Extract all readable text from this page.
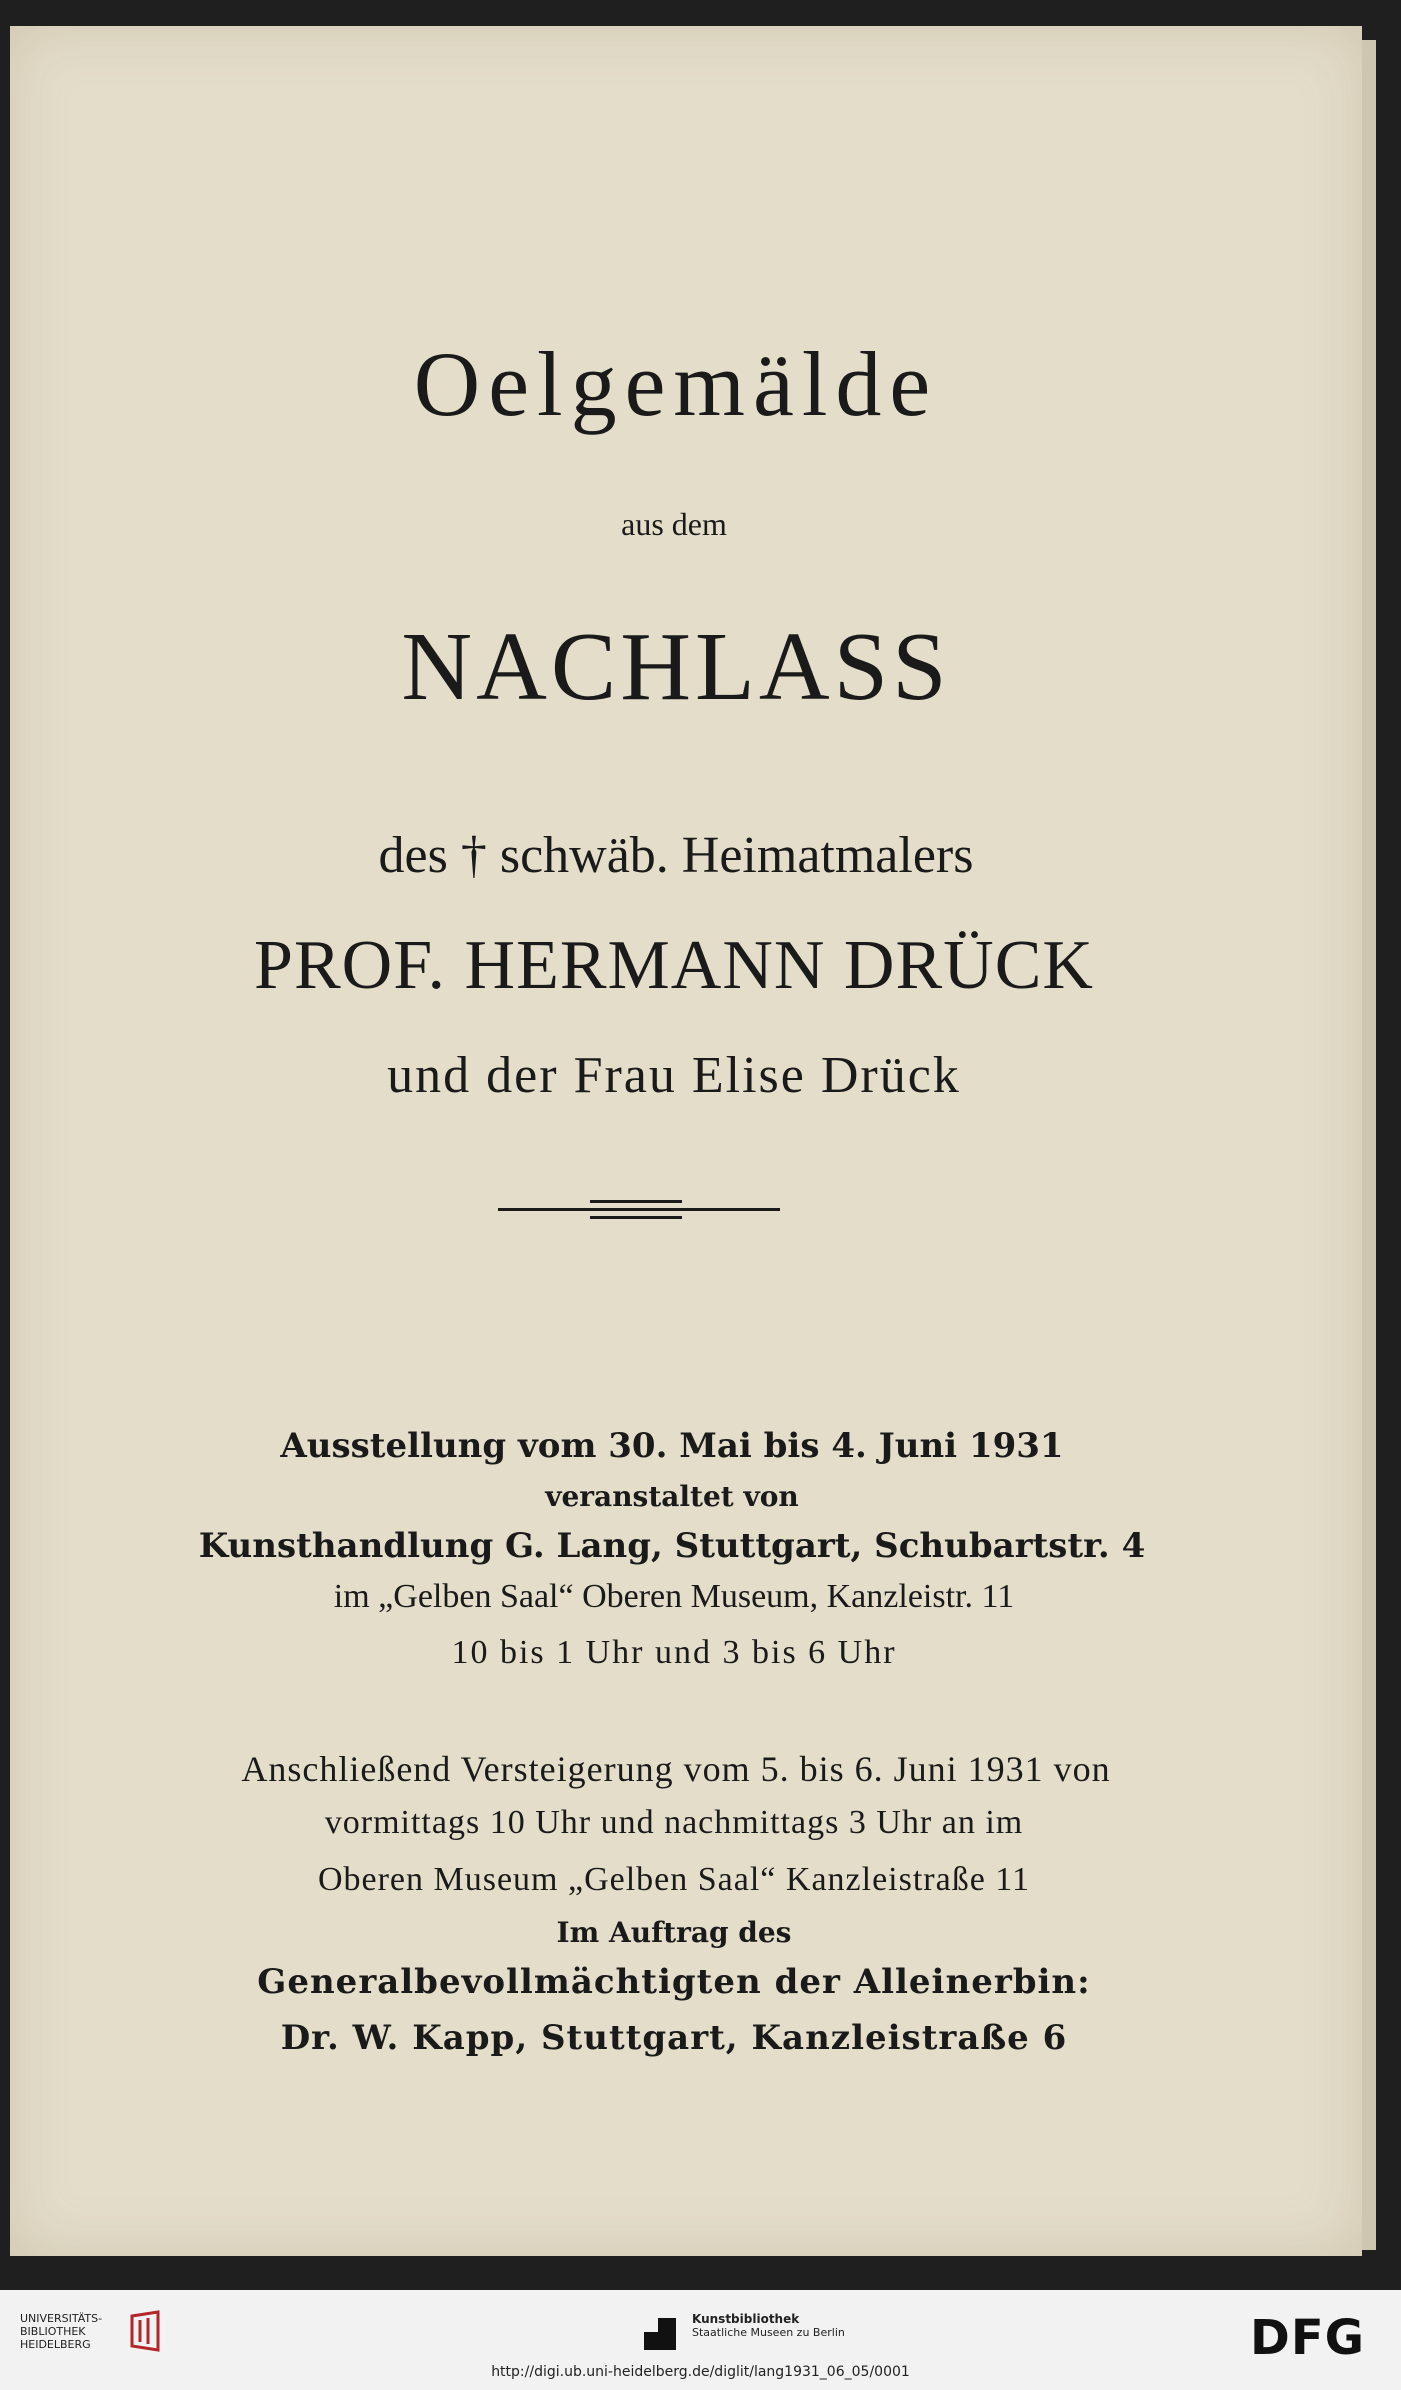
Oelgemälde
aus dem
NACHLASS
des † schwäb. Heimatmalers
PROF. HERMANN DRÜCK
und der Frau Elise Drück
Ausstellung vom 30. Mai bis 4. Juni 1931
veranstaltet von
Kunsthandlung G. Lang, Stuttgart, Schubartstr. 4
im „Gelben Saal“ Oberen Museum, Kanzleistr. 11
10 bis 1 Uhr und 3 bis 6 Uhr
Anschließend Versteigerung vom 5. bis 6. Juni 1931 von
vormittags 10 Uhr und nachmittags 3 Uhr an im
Oberen Museum „Gelben Saal“ Kanzleistraße 11
Im Auftrag des
Generalbevollmächtigten der Alleinerbin:
Dr. W. Kapp, Stuttgart, Kanzleistraße 6
UNIVERSITÄTS-
BIBLIOTHEK
HEIDELBERG
Kunstbibliothek
Staatliche Museen zu Berlin	DFG
http://digi.ub.uni-heidelberg.de/diglit/lang1931_06_05/0001
